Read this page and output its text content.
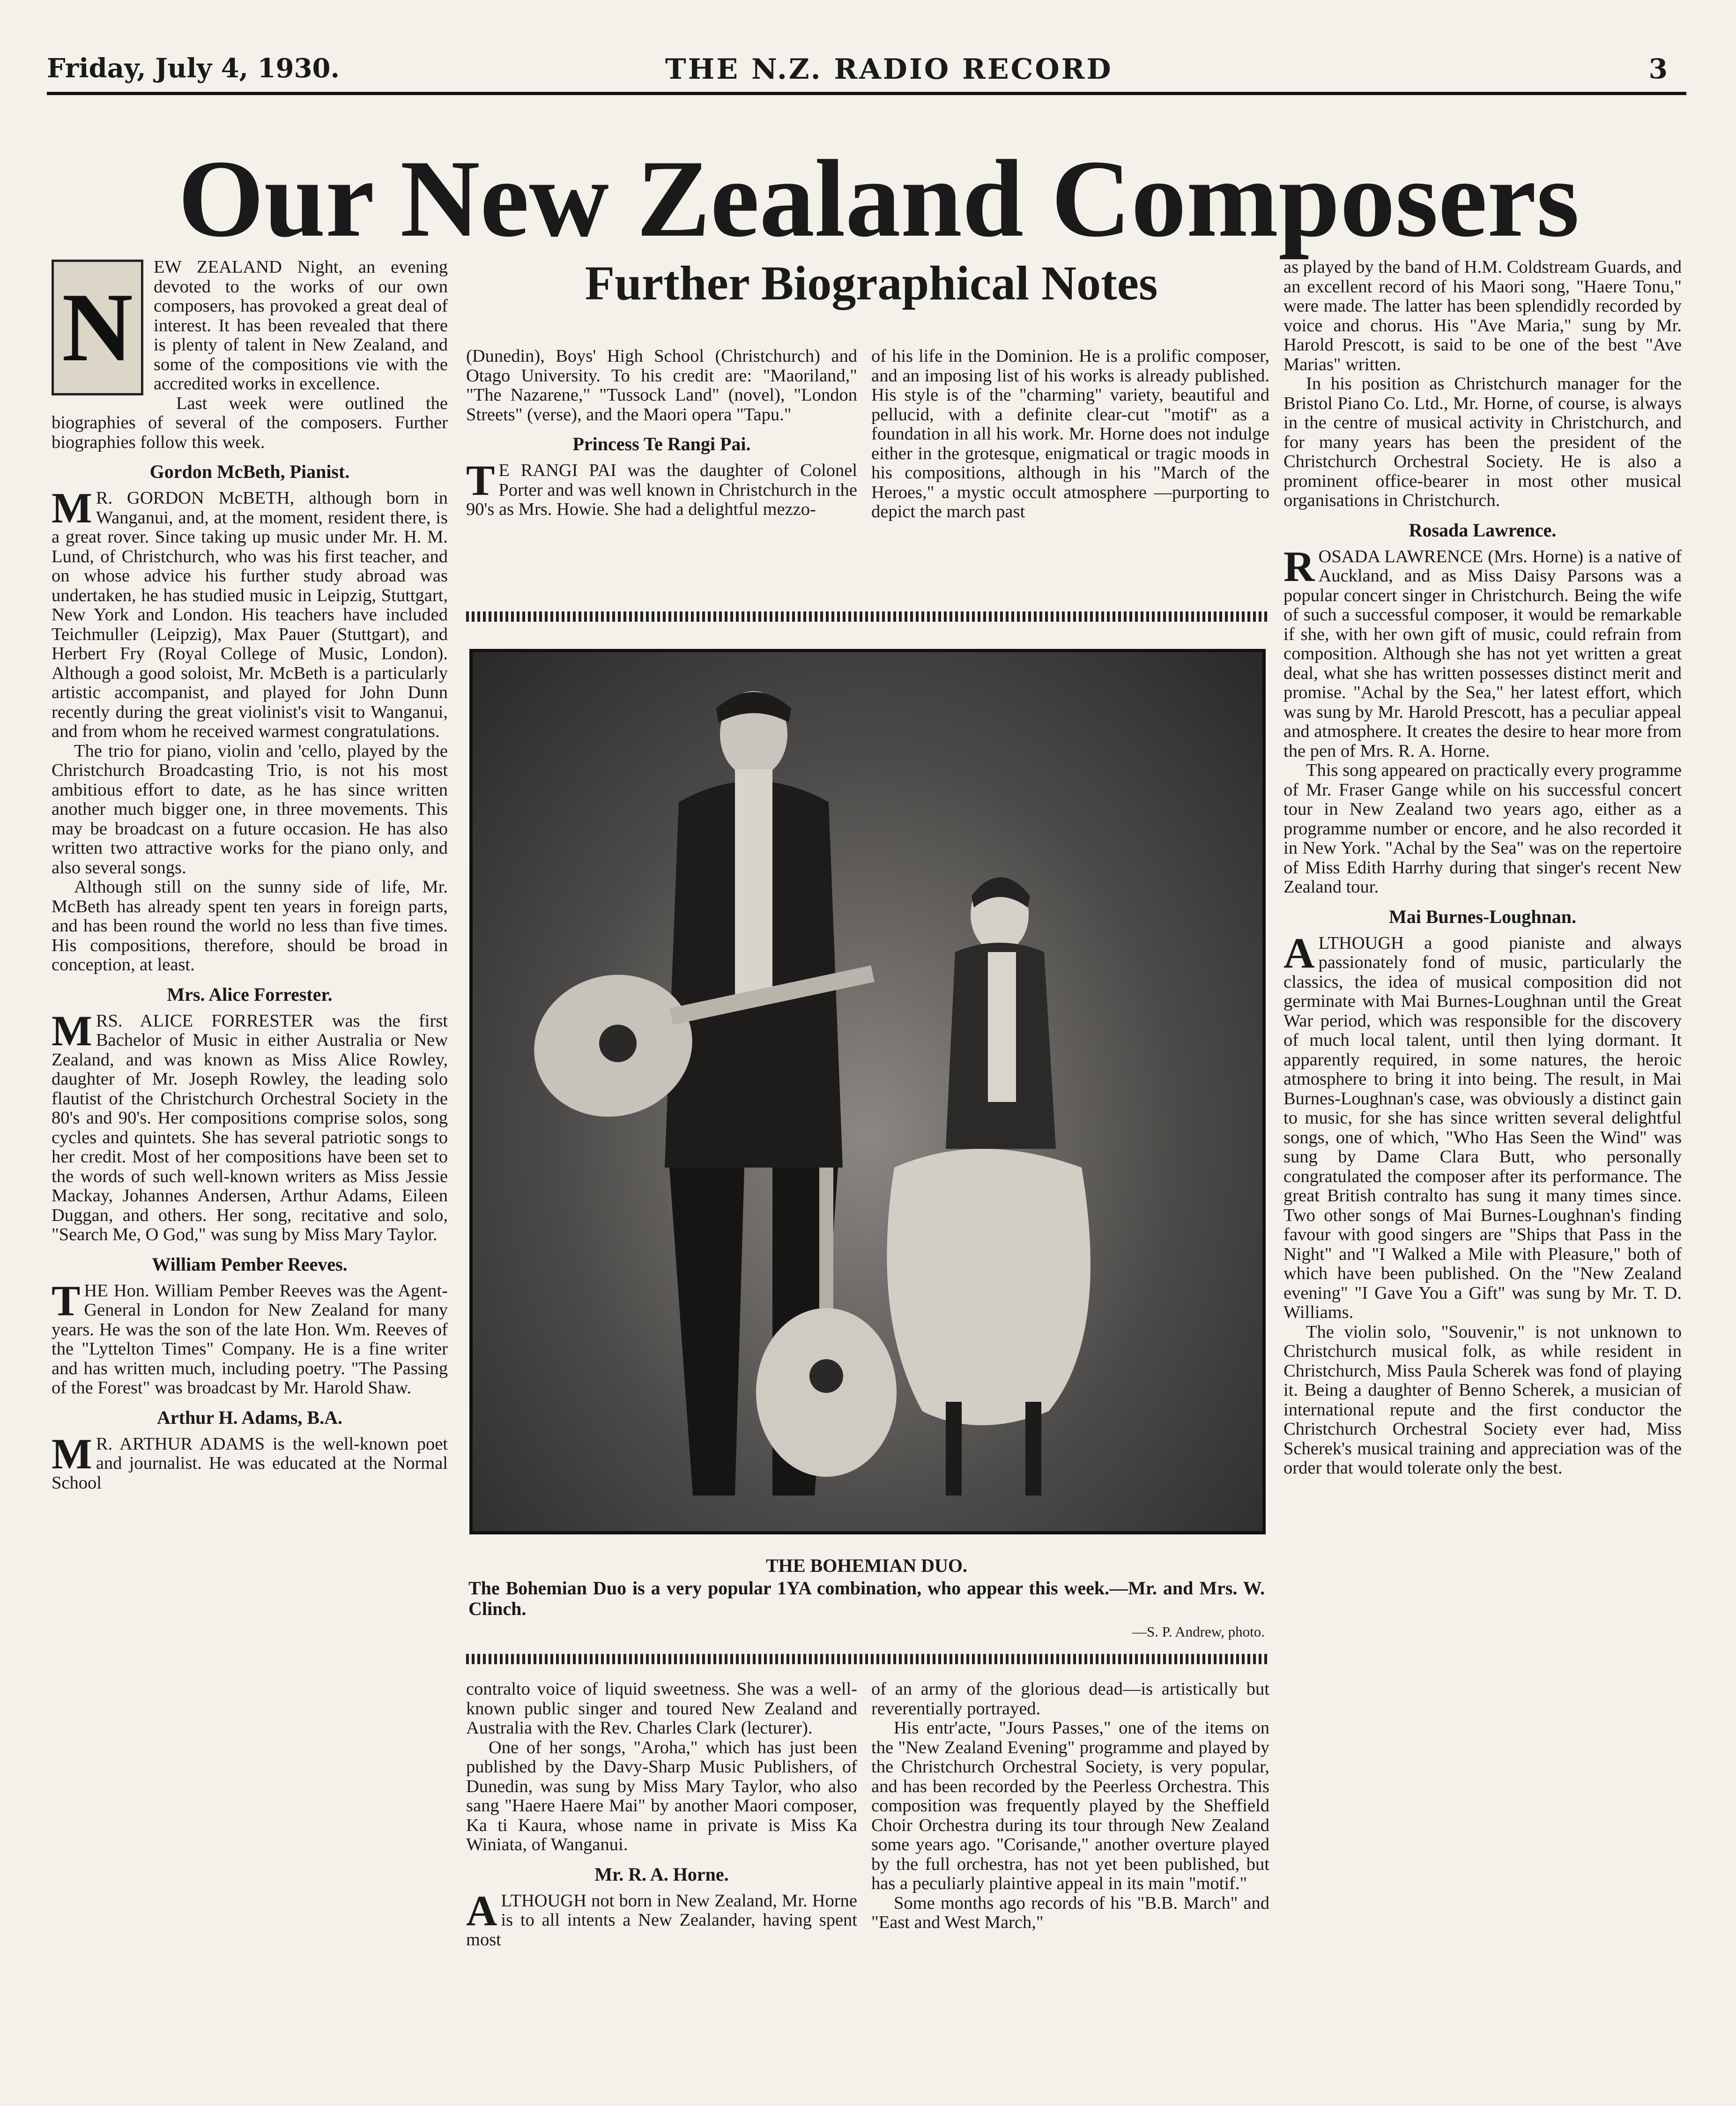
Friday, July 4, 1930.	THE N.Z. RADIO RECORD	3
Our New Zealand Composers
Further Biographical Notes
N

EW ZEALAND Night, an evening devoted to the works of our own composers, has provoked a great deal of interest. It has been revealed that there is plenty of talent in New Zealand, and some of the compositions vie with the accredited works in excellence.

Last week were outlined the biographies of several of the composers. Further biographies follow this week.

Gordon McBeth, Pianist.

M R. GORDON McBETH, although born in Wanganui, and, at the moment, resident there, is a great rover. Since taking up music under Mr. H. M. Lund, of Christchurch, who was his first teacher, and on whose advice his further study abroad was undertaken, he has studied music in Leipzig, Stuttgart, New York and London. His teachers have included Teichmuller (Leipzig), Max Pauer (Stuttgart), and Herbert Fry (Royal College of Music, London). Although a good soloist, Mr. McBeth is a particularly artistic accompanist, and played for John Dunn recently during the great violinist's visit to Wanganui, and from whom he received warmest congratulations.

The trio for piano, violin and 'cello, played by the Christchurch Broadcasting Trio, is not his most ambitious effort to date, as he has since written another much bigger one, in three movements. This may be broadcast on a future occasion. He has also written two attractive works for the piano only, and also several songs.

Although still on the sunny side of life, Mr. McBeth has already spent ten years in foreign parts, and has been round the world no less than five times. His compositions, therefore, should be broad in conception, at least.

Mrs. Alice Forrester.

MRS. ALICE FORRESTER was the first Bachelor of Music in either Australia or New Zealand, and was known as Miss Alice Rowley, daughter of Mr. Joseph Rowley, the leading solo flautist of the Christchurch Orchestral Society in the 80's and 90's. Her compositions comprise solos, song cycles and quintets. She has several patriotic songs to her credit. Most of her compositions have been set to the words of such well-known writers as Miss Jessie Mackay, Johannes Andersen, Arthur Adams, Eileen Duggan, and others. Her song, recitative and solo, "Search Me, O God," was sung by Miss Mary Taylor.

William Pember Reeves.

THE Hon. William Pember Reeves was the Agent-General in London for New Zealand for many years. He was the son of the late Hon. Wm. Reeves of the "Lyttelton Times" Company. He is a fine writer and has written much, including poetry. "The Passing of the Forest" was broadcast by Mr. Harold Shaw.

Arthur H. Adams, B.A.

M R. ARTHUR ADAMS is the well-known poet and journalist. He was educated at the Normal School

(Dunedin), Boys' High School (Christchurch) and Otago University. To his credit are: "Maoriland," "The Nazarene," "Tussock Land" (novel), "London Streets" (verse), and the Maori opera "Tapu."

Princess Te Rangi Pai.

T E RANGI PAI was the daughter of Colonel Porter and was well known in Christchurch in the 90's as Mrs. Howie. She had a delightful mezzo-

of his life in the Dominion. He is a prolific composer, and an imposing list of his works is already published. His style is of the "charming" variety, beautiful and pellucid, with a definite clear-cut "motif" as a foundation in all his work. Mr. Horne does not indulge either in the grotesque, enigmatical or tragic moods in his compositions, although in his "March of the Heroes," a mystic occult atmosphere —purporting to depict the march past

as played by the band of H.M. Coldstream Guards, and an excellent record of his Maori song, "Haere Tonu," were made. The latter has been splendidly recorded by voice and chorus. His "Ave Maria," sung by Mr. Harold Prescott, is said to be one of the best "Ave Marias" written.

In his position as Christchurch manager for the Bristol Piano Co. Ltd., Mr. Horne, of course, is always in the centre of musical activity in Christchurch, and for many years has been the president of the Christchurch Orchestral Society. He is also a prominent office-bearer in most other musical organisations in Christchurch.

Rosada Lawrence.

ROSADA LAWRENCE (Mrs. Horne) is a native of Auckland, and as Miss Daisy Parsons was a popular concert singer in Christchurch. Being the wife of such a successful composer, it would be remarkable if she, with her own gift of music, could refrain from composition. Although she has not yet written a great deal, what she has written possesses distinct merit and promise. "Achal by the Sea," her latest effort, which was sung by Mr. Harold Prescott, has a peculiar appeal and atmosphere. It creates the desire to hear more from the pen of Mrs. R. A. Horne.

This song appeared on practically every programme of Mr. Fraser Gange while on his successful concert tour in New Zealand two years ago, either as a programme number or encore, and he also recorded it in New York. "Achal by the Sea" was on the repertoire of Miss Edith Harrhy during that singer's recent New Zealand tour.

Mai Burnes-Loughnan.

ALTHOUGH a good pianiste and always passionately fond of music, particularly the classics, the idea of musical composition did not germinate with Mai Burnes-Loughnan until the Great War period, which was responsible for the discovery of much local talent, until then lying dormant. It apparently required, in some natures, the heroic atmosphere to bring it into being. The result, in Mai Burnes-Loughnan's case, was obviously a distinct gain to music, for she has since written several delightful songs, one of which, "Who Has Seen the Wind" was sung by Dame Clara Butt, who personally congratulated the composer after its performance. The great British contralto has sung it many times since. Two other songs of Mai Burnes-Loughnan's finding favour with good singers are "Ships that Pass in the Night" and "I Walked a Mile with Pleasure," both of which have been published. On the "New Zealand evening" "I Gave You a Gift" was sung by Mr. T. D. Williams.

The violin solo, "Souvenir," is not unknown to Christchurch musical folk, as while resident in Christchurch, Miss Paula Scherek was fond of playing it. Being a daughter of Benno Scherek, a musician of international repute and the first conductor the Christchurch Orchestral Society ever had, Miss Scherek's musical training and appreciation was of the order that would tolerate only the best.

THE BOHEMIAN DUO.
The Bohemian Duo is a very popular 1YA combination, who appear this week.—Mr. and Mrs. W. Clinch.
—S. P. Andrew, photo.

contralto voice of liquid sweetness. She was a well-known public singer and toured New Zealand and Australia with the Rev. Charles Clark (lecturer).

One of her songs, "Aroha," which has just been published by the Davy-Sharp Music Publishers, of Dunedin, was sung by Miss Mary Taylor, who also sang "Haere Haere Mai" by another Maori composer, Ka ti Kaura, whose name in private is Miss Ka Winiata, of Wanganui.

Mr. R. A. Horne.

ALTHOUGH not born in New Zealand, Mr. Horne is to all intents a New Zealander, having spent most

of an army of the glorious dead—is artistically but reverentially portrayed.

His entr'acte, "Jours Passes," one of the items on the "New Zealand Evening" programme and played by the Christchurch Orchestral Society, is very popular, and has been recorded by the Peerless Orchestra. This composition was frequently played by the Sheffield Choir Orchestra during its tour through New Zealand some years ago. "Corisande," another overture played by the full orchestra, has not yet been published, but has a peculiarly plaintive appeal in its main "motif."

Some months ago records of his "B.B. March" and "East and West March,"
